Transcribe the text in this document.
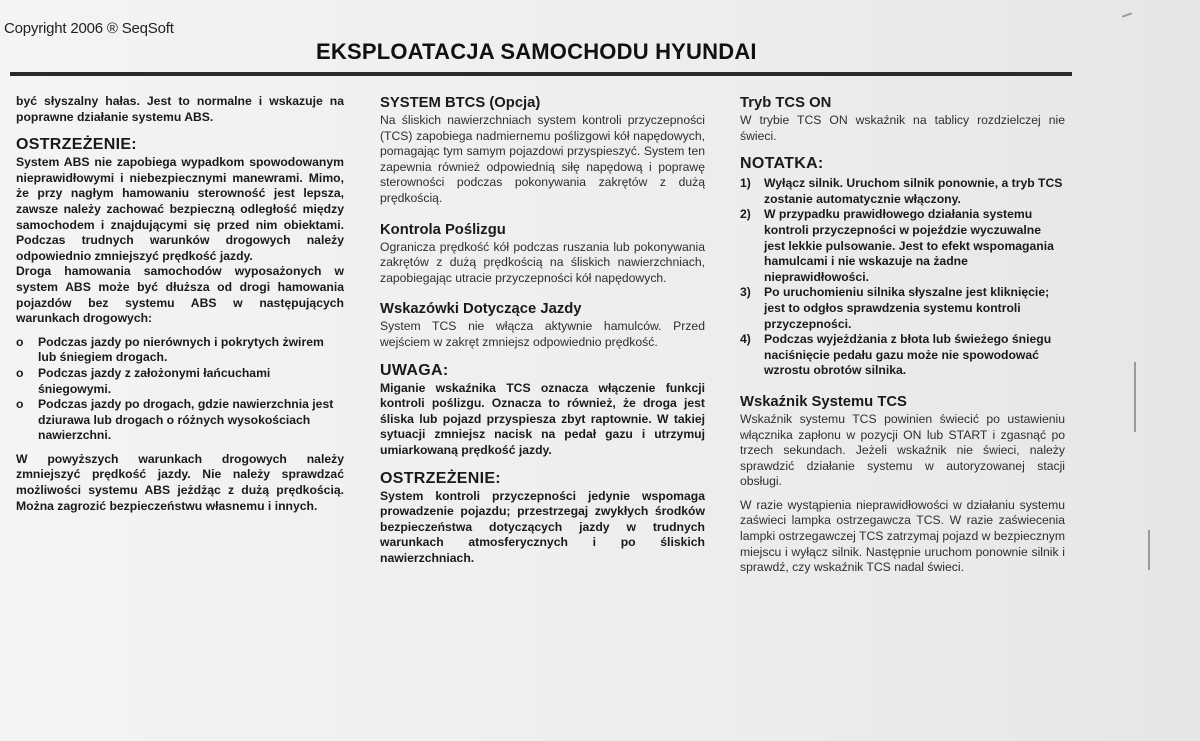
Copyright 2006 ® SeqSoft
EKSPLOATACJA SAMOCHODU HYUNDAI

być słyszalny hałas. Jest to normalne i wskazuje na poprawne działanie systemu ABS.

OSTRZEŻENIE:

System ABS nie zapobiega wypadkom spowodowanym nieprawidłowymi i niebezpiecznymi manewrami. Mimo, że przy nagłym hamowaniu sterowność jest lepsza, zawsze należy zachować bezpieczną odległość między samochodem i znajdującymi się przed nim obiektami. Podczas trudnych warunków drogowych należy odpowiednio zmniejszyć prędkość jazdy.

Droga hamowania samochodów wyposażonych w system ABS może być dłuższa od drogi hamowania pojazdów bez systemu ABS w następujących warunkach drogowych:

o Podczas jazdy po nierównych i pokrytych żwirem lub śniegiem drogach.
o Podczas jazdy z założonymi łańcuchami śniegowymi.
o Podczas jazdy po drogach, gdzie nawierzchnia jest dziurawa lub drogach o różnych wysokościach nawierzchni.

W powyższych warunkach drogowych należy zmniejszyć prędkość jazdy. Nie należy sprawdzać możliwości systemu ABS jeżdżąc z dużą prędkością. Można zagrozić bezpieczeństwu własnemu i innych.

SYSTEM BTCS (Opcja)

Na śliskich nawierzchniach system kontroli przyczepności (TCS) zapobiega nadmiernemu poślizgowi kół napędowych, pomagając tym samym pojazdowi przyspieszyć. System ten zapewnia również odpowiednią siłę napędową i poprawę sterowności podczas pokonywania zakrętów z dużą prędkością.

Kontrola Poślizgu

Ogranicza prędkość kół podczas ruszania lub pokonywania zakrętów z dużą prędkością na śliskich nawierzchniach, zapobiegając utracie przyczepności kół napędowych.

Wskazówki Dotyczące Jazdy

System TCS nie włącza aktywnie hamulców. Przed wejściem w zakręt zmniejsz odpowiednio prędkość.

UWAGA:

Miganie wskaźnika TCS oznacza włączenie funkcji kontroli poślizgu. Oznacza to również, że droga jest śliska lub pojazd przyspiesza zbyt raptownie. W takiej sytuacji zmniejsz nacisk na pedał gazu i utrzymuj umiarkowaną prędkość jazdy.

OSTRZEŻENIE:

System kontroli przyczepności jedynie wspomaga prowadzenie pojazdu; przestrzegaj zwykłych środków bezpieczeństwa dotyczących jazdy w trudnych warunkach atmosferycznych i po śliskich nawierzchniach.

Tryb TCS ON

W trybie TCS ON wskaźnik na tablicy rozdzielczej nie świeci.

NOTATKA:
1) Wyłącz silnik. Uruchom silnik ponownie, a tryb TCS zostanie automatycznie włączony.
2) W przypadku prawidłowego działania systemu kontroli przyczepności w pojeździe wyczuwalne jest lekkie pulsowanie. Jest to efekt wspomagania hamulcami i nie wskazuje na żadne nieprawidłowości.
3) Po uruchomieniu silnika słyszalne jest kliknięcie; jest to odgłos sprawdzenia systemu kontroli przyczepności.
4) Podczas wyjeżdżania z błota lub świeżego śniegu naciśnięcie pedału gazu może nie spowodować wzrostu obrotów silnika.
Wskaźnik Systemu TCS

Wskaźnik systemu TCS powinien świecić po ustawieniu włącznika zapłonu w pozycji ON lub START i zgasnąć po trzech sekundach. Jeżeli wskaźnik nie świeci, należy sprawdzić działanie systemu w autoryzowanej stacji obsługi.

W razie wystąpienia nieprawidłowości w działaniu systemu zaświeci lampka ostrzegawcza TCS. W razie zaświecenia lampki ostrzegawczej TCS zatrzymaj pojazd w bezpiecznym miejscu i wyłącz silnik. Następnie uruchom ponownie silnik i sprawdź, czy wskaźnik TCS nadal świeci.
